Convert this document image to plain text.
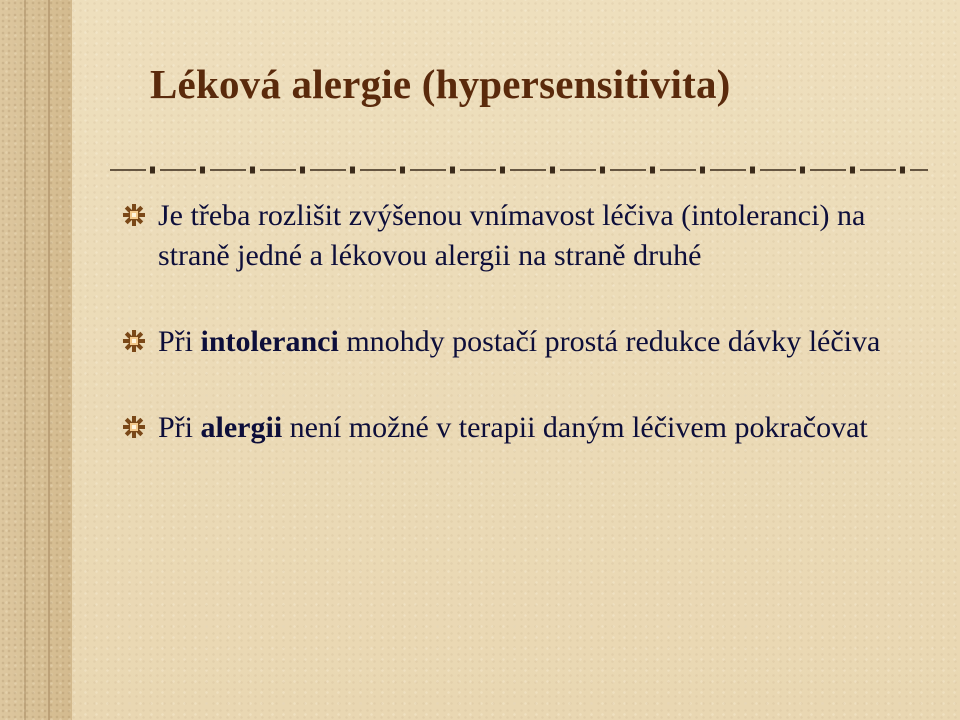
Léková alergie (hypersensitivita)
Je třeba rozlišit zvýšenou vnímavost léčiva (intoleranci) na straně jedné a lékovou alergii na straně druhé
Při intoleranci mnohdy postačí prostá redukce dávky léčiva
Při alergii není možné v terapii daným léčivem pokračovat
